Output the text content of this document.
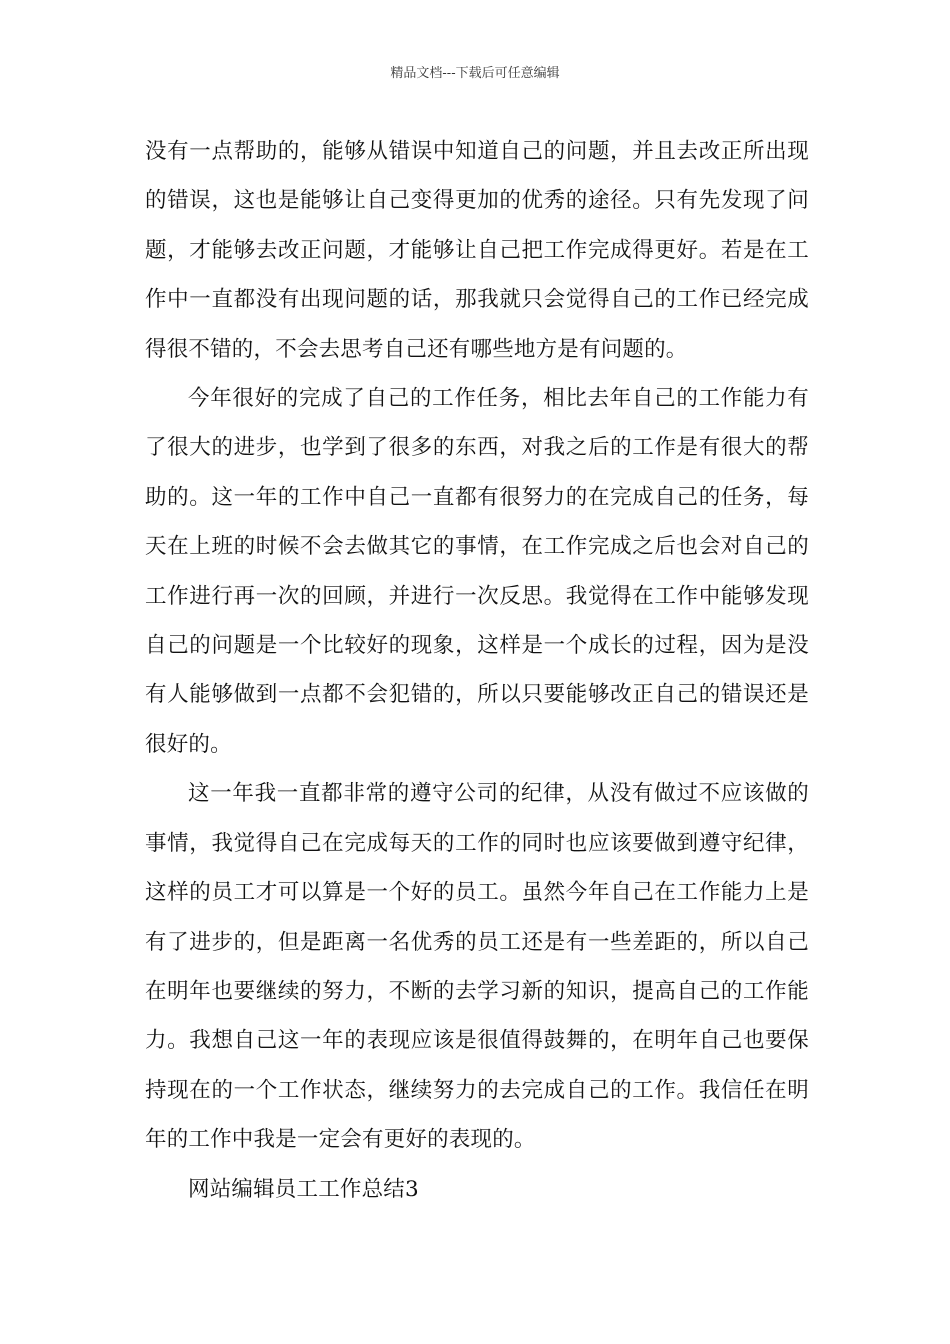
精品文档---下载后可任意编辑

没有一点帮助的，能够从错误中知道自己的问题，并且去改正所出现的错误，这也是能够让自己变得更加的优秀的途径。只有先发现了问题，才能够去改正问题，才能够让自己把工作完成得更好。若是在工作中一直都没有出现问题的话，那我就只会觉得自己的工作已经完成得很不错的，不会去思考自己还有哪些地方是有问题的。

今年很好的完成了自己的工作任务，相比去年自己的工作能力有了很大的进步，也学到了很多的东西，对我之后的工作是有很大的帮助的。这一年的工作中自己一直都有很努力的在完成自己的任务，每天在上班的时候不会去做其它的事情，在工作完成之后也会对自己的工作进行再一次的回顾，并进行一次反思。我觉得在工作中能够发现自己的问题是一个比较好的现象，这样是一个成长的过程，因为是没有人能够做到一点都不会犯错的，所以只要能够改正自己的错误还是很好的。

这一年我一直都非常的遵守公司的纪律，从没有做过不应该做的事情，我觉得自己在完成每天的工作的同时也应该要做到遵守纪律，这样的员工才可以算是一个好的员工。虽然今年自己在工作能力上是有了进步的，但是距离一名优秀的员工还是有一些差距的，所以自己在明年也要继续的努力，不断的去学习新的知识，提高自己的工作能力。我想自己这一年的表现应该是很值得鼓舞的，在明年自己也要保持现在的一个工作状态，继续努力的去完成自己的工作。我信任在明年的工作中我是一定会有更好的表现的。

网站编辑员工工作总结3
